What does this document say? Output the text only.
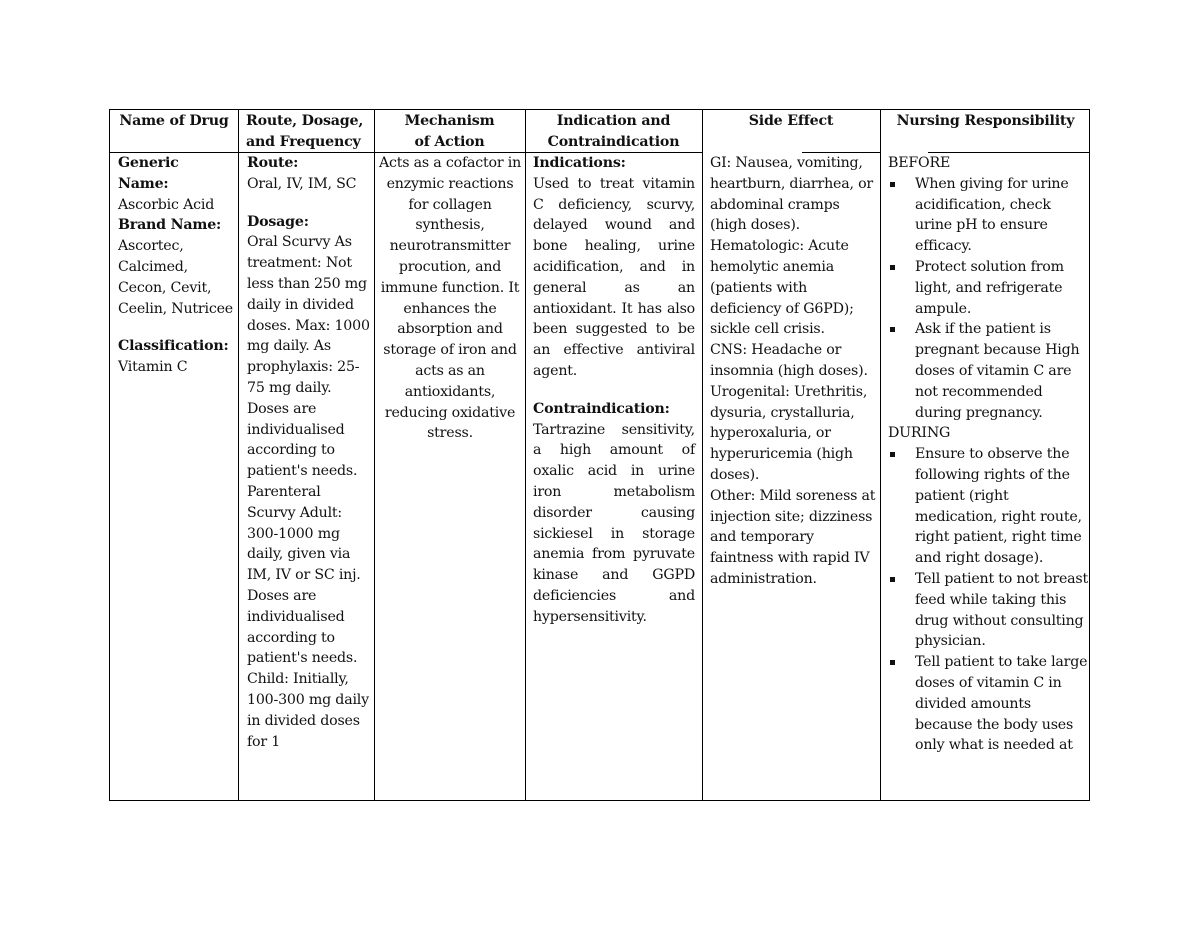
Name of Drug	Route, Dosage, and Frequency
Mechanism of Action
Indication and Contraindication
Side Effect	Nursing Responsibility
Generic Name:
Ascorbic Acid
Brand Name:
Ascortec, Calcimed, Cecon, Cevit, Ceelin, Nutricee
Classification:
Vitamin C
Route:
Oral, IV, IM, SC
Dosage:
Oral Scurvy As treatment: Not less than 250 mg daily in divided doses. Max: 1000 mg daily. As prophylaxis: 25-75 mg daily. Doses are individualised according to patient's needs. Parenteral Scurvy Adult: 300-1000 mg daily, given via IM, IV or SC inj. Doses are individualised according to patient's needs. Child: Initially, 100-300 mg daily in divided doses for 1
Acts as a cofactor in enzymic reactions for collagen synthesis, neurotransmitter procution, and immune function. It enhances the absorption and storage of iron and acts as an antioxidants, reducing oxidative stress.
Indications:
Used to treat vitamin C deficiency, scurvy, delayed wound and bone healing, urine acidification, and in general as an antioxidant. It has also been suggested to be an effective antiviral agent.
Contraindication:
Tartrazine sensitivity, a high amount of oxalic acid in urine iron metabolism disorder causing sickiesel in storage anemia from pyruvate kinase and GGPD deficiencies and hypersensitivity.
GI: Nausea, vomiting, heartburn, diarrhea, or abdominal cramps (high doses).
Hematologic: Acute hemolytic anemia (patients with deficiency of G6PD); sickle cell crisis.
CNS: Headache or insomnia (high doses).
Urogenital: Urethritis, dysuria, crystalluria, hyperoxaluria, or hyperuricemia (high doses).
Other: Mild soreness at injection site; dizziness and temporary faintness with rapid IV administration.
BEFORE
When giving for urine acidification, check urine pH to ensure efficacy.
Protect solution from light, and refrigerate ampule.
Ask if the patient is pregnant because High doses of vitamin C are not recommended during pregnancy.
DURING
Ensure to observe the following rights of the patient (right medication, right route, right patient, right time and right dosage).
Tell patient to not breast feed while taking this drug without consulting physician.
Tell patient to take large doses of vitamin C in divided amounts because the body uses only what is needed at
